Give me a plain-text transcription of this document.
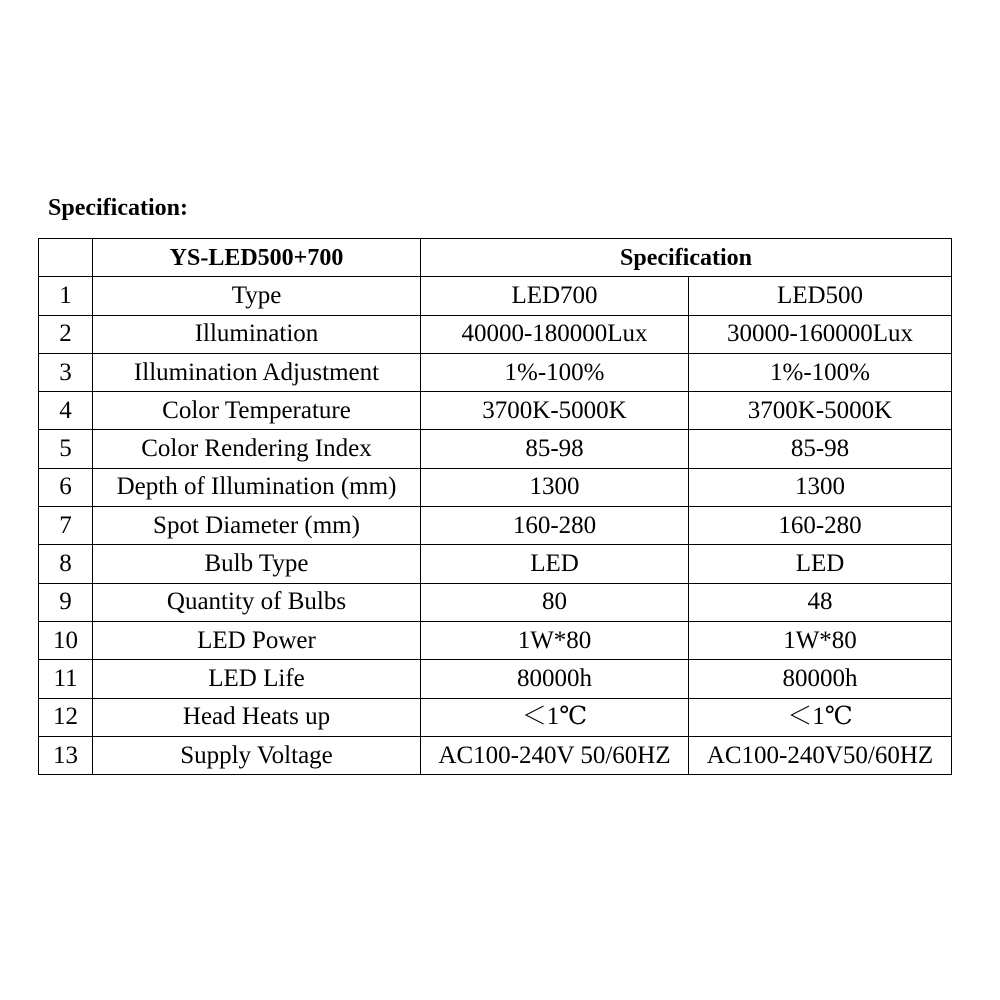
Specification:
	YS-LED500+700	Specification	
1	Type	LED700	LED500
2	Illumination	40000-180000Lux	30000-160000Lux
3	Illumination Adjustment	1%-100%	1%-100%
4	Color Temperature	3700K-5000K	3700K-5000K
5	Color Rendering Index	85-98	85-98
6	Depth of Illumination (mm)	1300	1300
7	Spot Diameter (mm)	160-280	160-280
8	Bulb Type	LED	LED
9	Quantity of Bulbs	80	48
10	LED Power	1W*80	1W*80
11	LED Life	80000h	80000h
12	Head Heats up	＜1℃	＜1℃
13	Supply Voltage	AC100-240V 50/60HZ	AC100-240V50/60HZ
